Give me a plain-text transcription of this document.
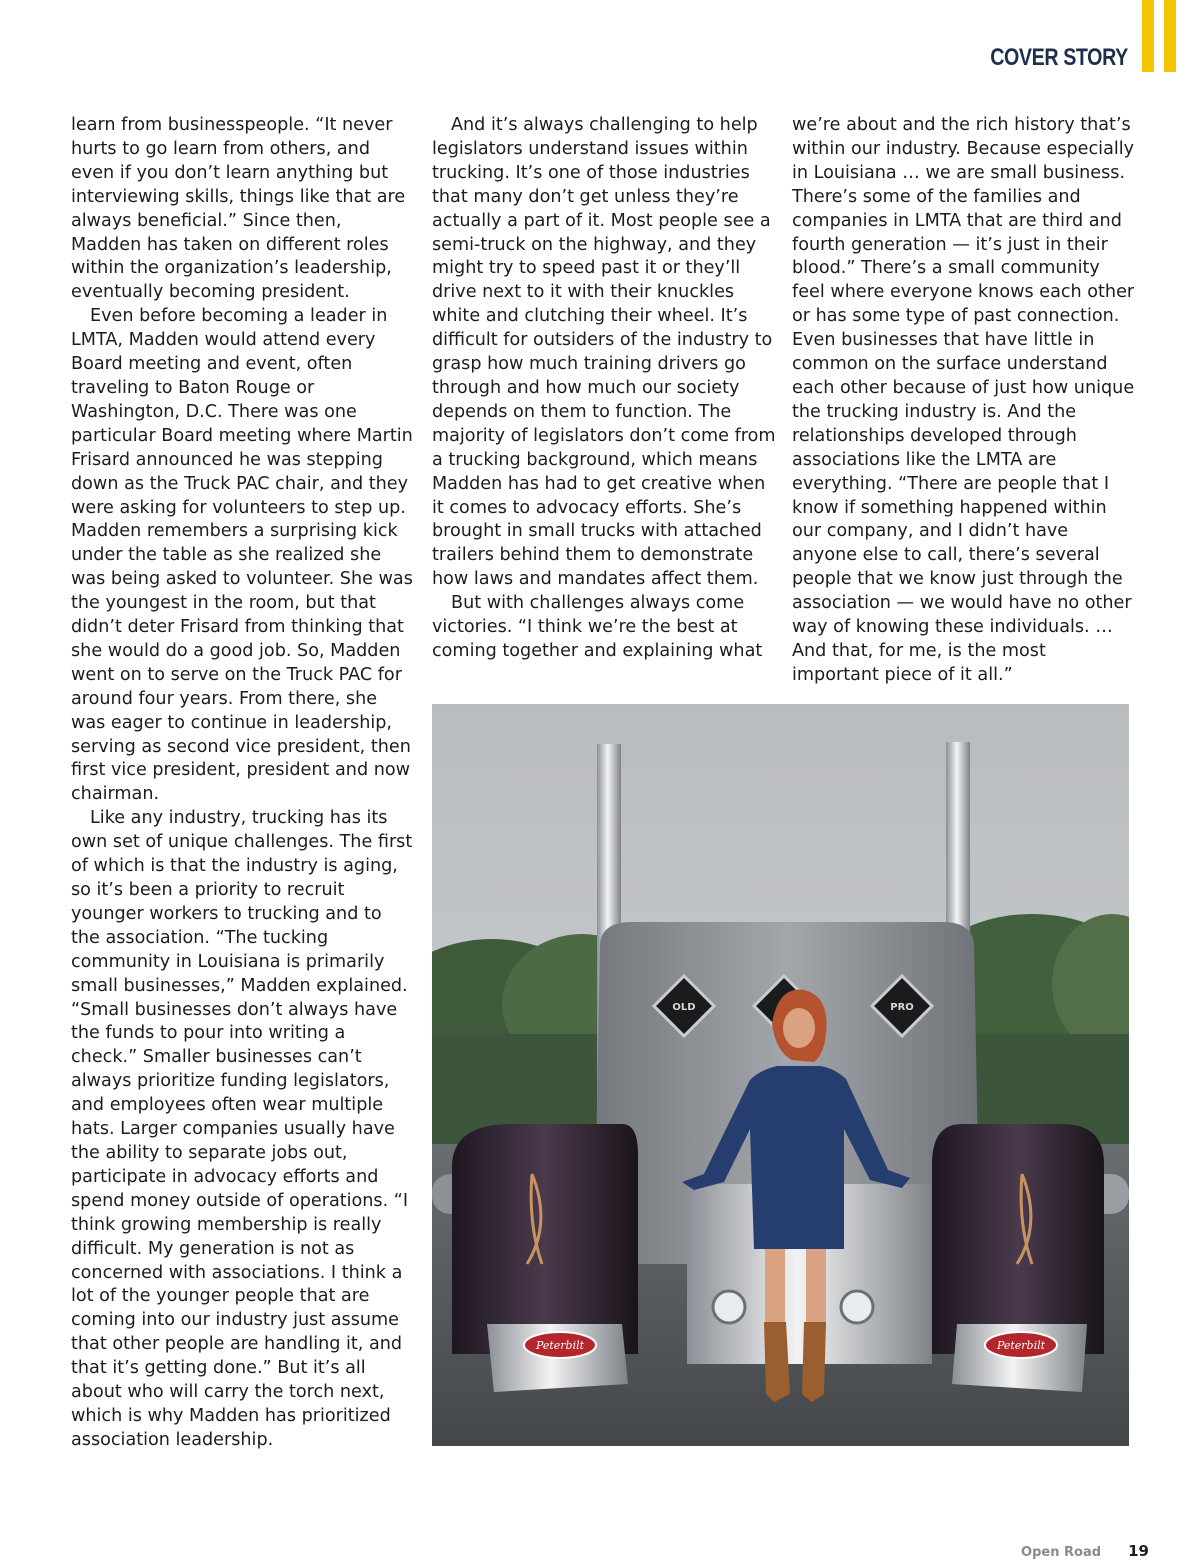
COVER STORY

learn from businesspeople. “It never hurts to go learn from others, and even if you don’t learn anything but interviewing skills, things like that are always beneficial.” Since then, Madden has taken on different roles within the organization’s leadership, eventually becoming president.

Even before becoming a leader in LMTA, Madden would attend every Board meeting and event, often traveling to Baton Rouge or Washington, D.C. There was one particular Board meeting where Martin Frisard announced he was stepping down as the Truck PAC chair, and they were asking for volunteers to step up. Madden remembers a surprising kick under the table as she realized she was being asked to volunteer. She was the youngest in the room, but that didn’t deter Frisard from thinking that she would do a good job. So, Madden went on to serve on the Truck PAC for around four years. From there, she was eager to continue in leadership, serving as second vice president, then first vice president, president and now chairman.

Like any industry, trucking has its own set of unique challenges. The first of which is that the industry is aging, so it’s been a priority to recruit younger workers to trucking and to the association. “The tucking community in Louisiana is primarily small businesses,” Madden explained. “Small businesses don’t always have the funds to pour into writing a check.” Smaller businesses can’t always prioritize funding legislators, and employees often wear multiple hats. Larger companies usually have the ability to separate jobs out, participate in advocacy efforts and spend money outside of operations. “I think growing membership is really difficult. My generation is not as concerned with associations. I think a lot of the younger people that are coming into our industry just assume that other people are handling it, and that it’s getting done.” But it’s all about who will carry the torch next, which is why Madden has prioritized association leadership.

And it’s always challenging to help legislators understand issues within trucking. It’s one of those industries that many don’t get unless they’re actually a part of it. Most people see a semi-truck on the highway, and they might try to speed past it or they’ll drive next to it with their knuckles white and clutching their wheel. It’s difficult for outsiders of the industry to grasp how much training drivers go through and how much our society depends on them to function. The majority of legislators don’t come from a trucking background, which means Madden has had to get creative when it comes to advocacy efforts. She’s brought in small trucks with attached trailers behind them to demonstrate how laws and mandates affect them.

But with challenges always come victories. “I think we’re the best at coming together and explaining what

we’re about and the rich history that’s within our industry. Because especially in Louisiana … we are small business. There’s some of the families and companies in LMTA that are third and fourth generation — it’s just in their blood.” There’s a small community feel where everyone knows each other or has some type of past connection. Even businesses that have little in common on the surface understand each other because of just how unique the trucking industry is. And the relationships developed through associations like the LMTA are everything. “There are people that I know if something happened within our company, and I didn’t have anyone else to call, there’s several people that we know just through the association — we would have no other way of knowing these individuals. … And that, for me, is the most important piece of it all.”

OLD	PRO
Peterbilt	Peterbilt
Open Road 19
